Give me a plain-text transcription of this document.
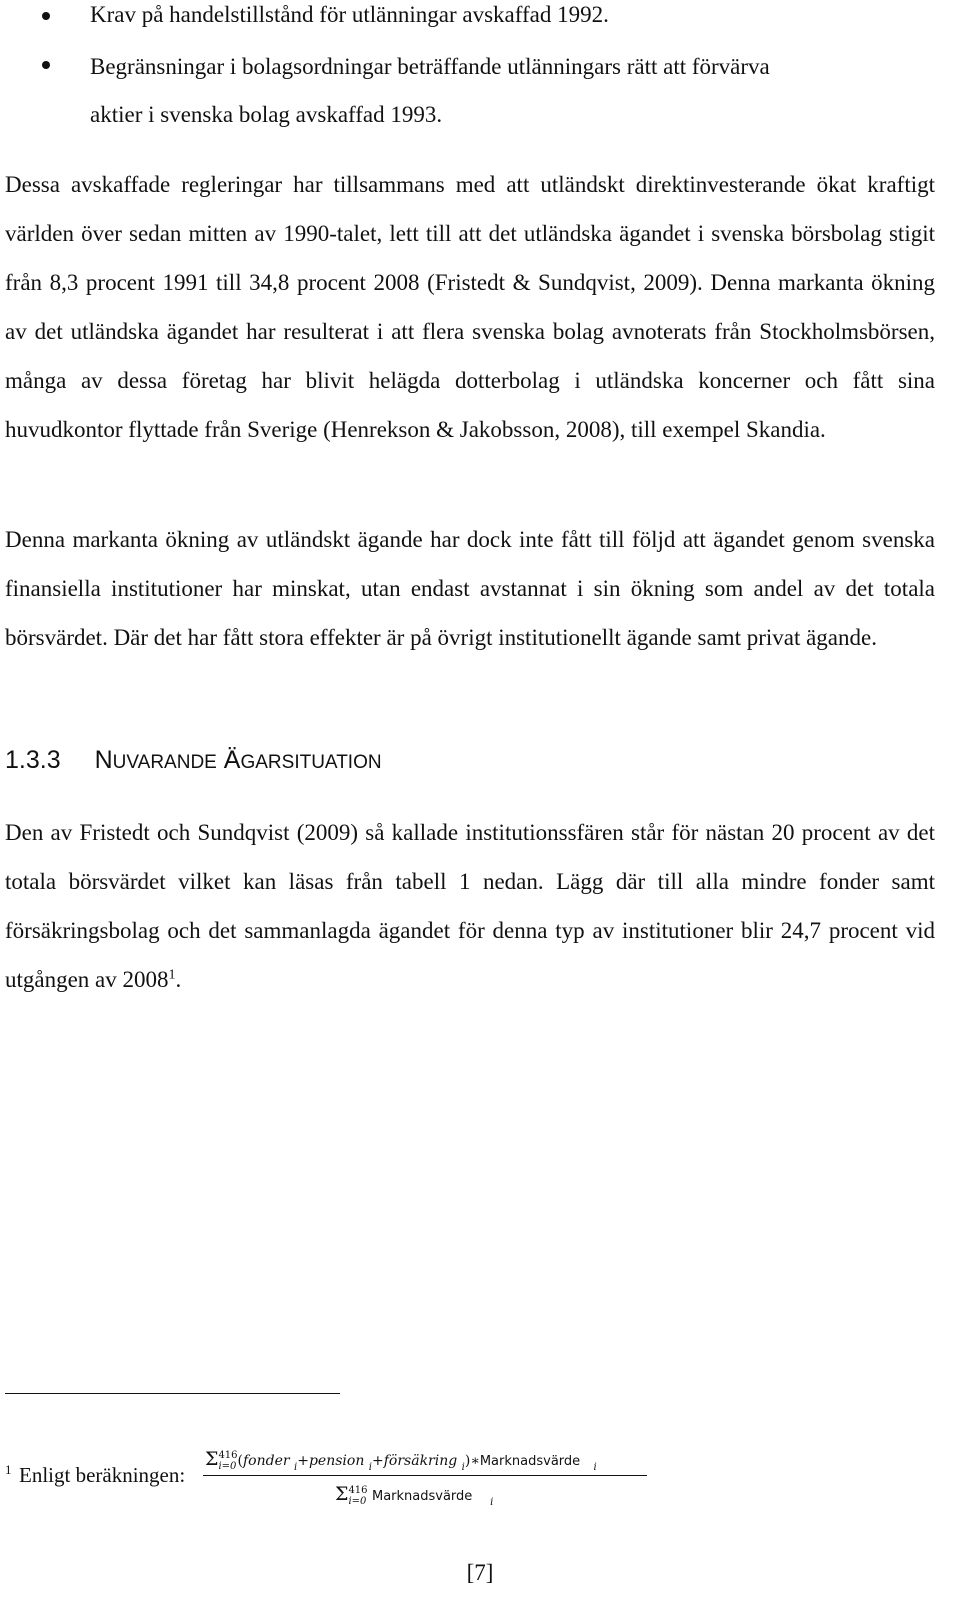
Krav på handelstillstånd för utlänningar avskaffad 1992.
Begränsningar i bolagsordningar beträffande utlänningars rätt att förvärva
aktier i svenska bolag avskaffad 1993.
Dessa avskaffade regleringar har tillsammans med att utländskt direktinvesterande ökat kraftigt världen över sedan mitten av 1990-talet, lett till att det utländska ägandet i svenska börsbolag stigit från 8,3 procent 1991 till 34,8 procent 2008 (Fristedt & Sundqvist, 2009). Denna markanta ökning av det utländska ägandet har resulterat i att flera svenska bolag avnoterats från Stockholmsbörsen, många av dessa företag har blivit helägda dotterbolag i utländska koncerner och fått sina huvudkontor flyttade från Sverige (Henrekson & Jakobsson, 2008), till exempel Skandia.
Denna markanta ökning av utländskt ägande har dock inte fått till följd att ägandet genom svenska finansiella institutioner har minskat, utan endast avstannat i sin ökning som andel av det totala börsvärdet. Där det har fått stora effekter är på övrigt institutionellt ägande samt privat ägande.
1.3.3 NUVARANDE ÄGARSITUATION
Den av Fristedt och Sundqvist (2009) så kallade institutionssfären står för nästan 20 procent av det totala börsvärdet vilket kan läsas från tabell 1 nedan. Lägg där till alla mindre fonder samt försäkringsbolag och det sammanlagda ägandet för denna typ av institutioner blir 24,7 procent vid utgången av 2008$^1$.
1 Enligt beräkningen:
Σ416
i=0(fonder $_i$+pension $_i$+försäkring $_i$)∗Marknadsvärde $_i$
Σ416
i=0 Marknadsvärde $_i$
[7]
